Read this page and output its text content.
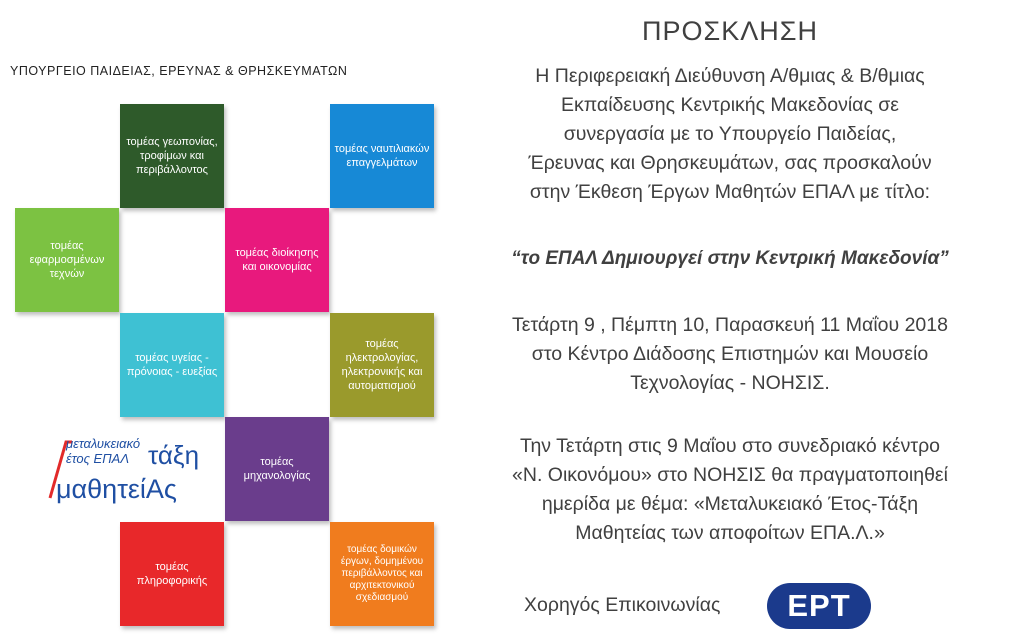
ΥΠΟΥΡΓΕΙΟ ΠΑΙΔΕΙΑΣ, ΕΡΕΥΝΑΣ & ΘΡΗΣΚΕΥΜΑΤΩΝ
τομέας γεωπονίας, τροφίμων και περιβάλλοντος
τομέας ναυτιλιακών επαγγελμάτων
τομέας εφαρμοσμένων τεχνών
τομέας διοίκησης και οικονομίας
τομέας υγείας - πρόνοιας - ευεξίας
τομέας ηλεκτρολογίας, ηλεκτρονικής και αυτοματισμού
τομέας μηχανολογίας
τομέας πληροφορικής
τομέας δομικών έργων, δομημένου περιβάλλοντος και αρχιτεκτονικού σχεδιασμού
μεταλυκειακό
έτος ΕΠΑΛ τάξη
μαθητείΑς
ΠΡΟΣΚΛΗΣΗ
Η Περιφερειακή Διεύθυνση Α/θμιας & Β/θμιας
Εκπαίδευσης Κεντρικής Μακεδονίας σε
συνεργασία με το Υπουργείο Παιδείας,
Έρευνας και Θρησκευμάτων, σας προσκαλούν
στην Έκθεση Έργων Μαθητών ΕΠΑΛ με τίτλο:
“το ΕΠΑΛ Δημιουργεί στην Κεντρική Μακεδονία”
Τετάρτη 9 , Πέμπτη 10, Παρασκευή 11 Μαΐου 2018
στο Κέντρο Διάδοσης Επιστημών και Μουσείο
Τεχνολογίας - ΝΟΗΣΙΣ.
Την Τετάρτη στις 9 Μαΐου στο συνεδριακό κέντρο
«Ν. Οικονόμου» στο ΝΟΗΣΙΣ θα πραγματοποιηθεί
ημερίδα με θέμα: «Μεταλυκειακό Έτος-Τάξη
Μαθητείας των αποφοίτων ΕΠΑ.Λ.»
Χορηγός Επικοινωνίας	ΕΡΤ
